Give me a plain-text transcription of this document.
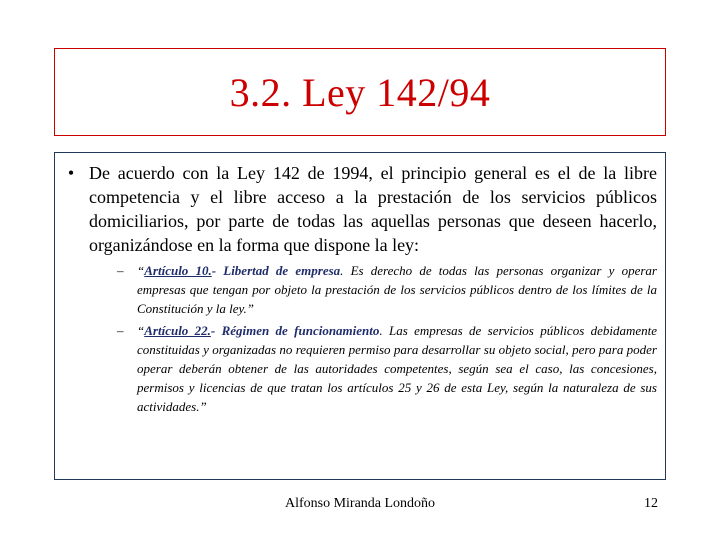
3.2. Ley 142/94
• De acuerdo con la Ley 142 de 1994, el principio general es el de la libre competencia y el libre acceso a la prestación de los servicios públicos domiciliarios, por parte de todas las aquellas personas que deseen hacerlo, organizándose en la forma que dispone la ley:
–	“Artículo 10.- Libertad de empresa. Es derecho de todas las personas organizar y operar empresas que tengan por objeto la prestación de los servicios públicos dentro de los límites de la Constitución y la ley.”
–	“Artículo 22.- Régimen de funcionamiento. Las empresas de servicios públicos debidamente constituidas y organizadas no requieren permiso para desarrollar su objeto social, pero para poder operar deberán obtener de las autoridades competentes, según sea el caso, las concesiones, permisos y licencias de que tratan los artículos 25 y 26 de esta Ley, según la naturaleza de sus actividades.”
Alfonso Miranda Londoño	12
